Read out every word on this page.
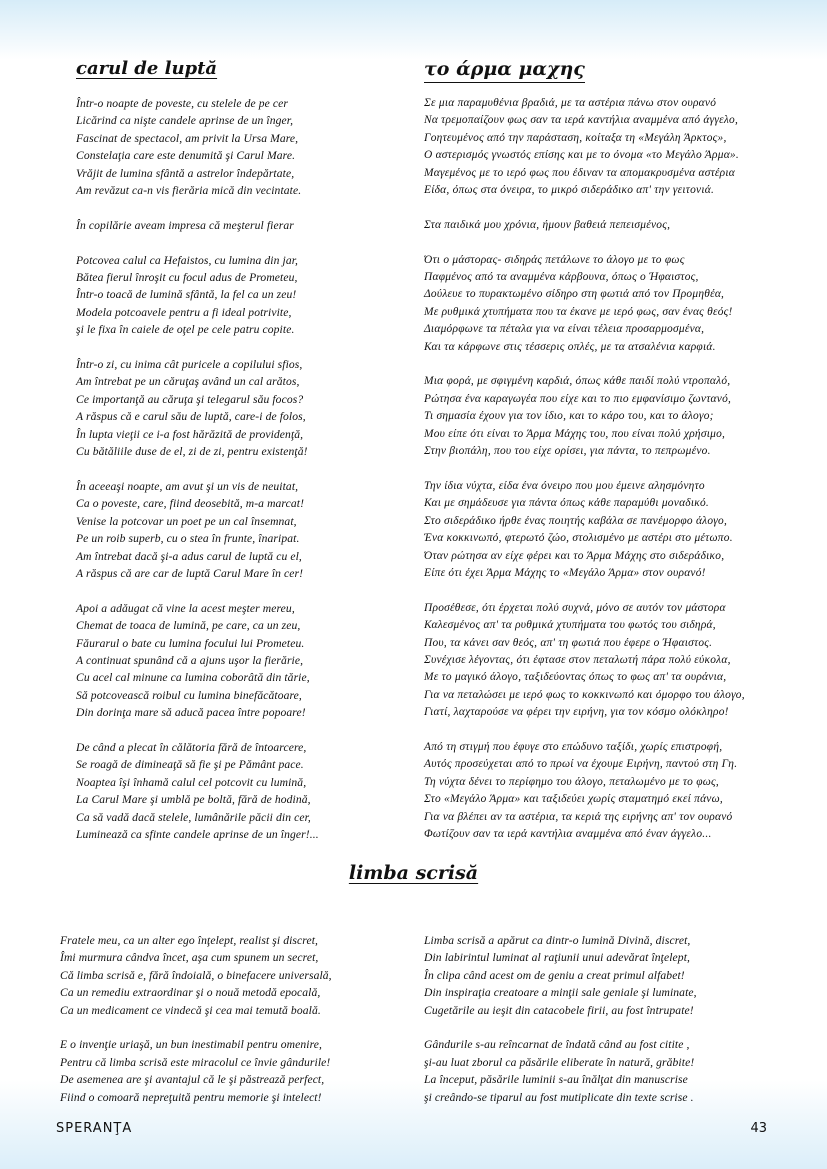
carul de luptă
Într-o noapte de poveste, cu stelele de pe cer
Licărind ca nişte candele aprinse de un înger,
Fascinat de spectacol, am privit la Ursa Mare,
Constelaţia care este denumită şi Carul Mare.
Vrăjit de lumina sfântă a astrelor îndepărtate,
Am revăzut ca-n vis fierăria mică din vecintate.
În copilărie aveam impresa că meşterul fierar
Potcovea calul ca Hefaistos, cu lumina din jar,
Bătea fierul înroşit cu focul adus de Prometeu,
Într-o toacă de lumină sfântă, la fel ca un zeu!
Modela potcoavele pentru a fi ideal potrivite,
şi le fixa în caiele de oţel pe cele patru copite.
Într-o zi, cu inima cât puricele a copilului sfios,
Am întrebat pe un căruţaş având un cal arătos,
Ce importanţă au căruţa şi telegarul său focos?
A răspus că e carul său de luptă, care-i de folos,
În lupta vieţii ce i-a fost hărăzită de providenţă,
Cu bătăliile duse de el, zi de zi, pentru existenţă!
În aceeaşi noapte, am avut şi un vis de neuitat,
Ca o poveste, care, fiind deosebită, m-a marcat!
Venise la potcovar un poet pe un cal însemnat,
Pe un roib superb, cu o stea în frunte, înaripat.
Am întrebat dacă şi-a adus carul de luptă cu el,
A răspus că are car de luptă Carul Mare în cer!
Apoi a adăugat că vine la acest meşter mereu,
Chemat de toaca de lumină, pe care, ca un zeu,
Făurarul o bate cu lumina focului lui Prometeu.
A continuat spunând că a ajuns uşor la fierărie,
Cu acel cal minune ca lumina coborâtă din tărie,
Să potcovească roibul cu lumina binefăcătoare,
Din dorinţa mare să aducă pacea între popoare!
De când a plecat în călătoria fără de întoarcere,
Se roagă de dimineaţă să fie şi pe Pământ pace.
Noaptea îşi înhamă calul cel potcovit cu lumină,
La Carul Mare şi umblă pe boltă, fără de hodină,
Ca să vadă dacă stelele, lumânările păcii din cer,
Luminează ca sfinte candele aprinse de un înger!...
το άρμα μαχης
Σε μια παραμυθένια βραδιά, με τα αστέρια πάνω στον ουρανό
Να τρεμοπαίζουν φως σαν τα ιερά καντήλια αναμμένα από άγγελο,
Γοητευμένος από την παράσταση, κοίταξα τη «Μεγάλη Άρκτος»,
Ο αστερισμός γνωστός επίσης και με το όνομα «το Μεγάλο Άρμα».
Μαγεμένος με το ιερό φως που έδιναν τα απομακρυσμένα αστέρια
Είδα, όπως στα όνειρα, το μικρό σιδεράδικο απ' την γειτονιά.
Στα παιδικά μου χρόνια, ήμουν βαθειά πεπεισμένος,
Ότι ο μάστορας- σιδηράς πετάλωνε το άλογο με το φως
Παφμένος από τα αναμμένα κάρβουνα, όπως ο Ήφαιστος,
Δούλευε το πυρακτωμένο σίδηρο στη φωτιά από τον Προμηθέα,
Με ρυθμικά χτυπήματα που τα έκανε με ιερό φως, σαν ένας θεός!
Διαμόρφωνε τα πέταλα για να είναι τέλεια προσαρμοσμένα,
Και τα κάρφωνε στις τέσσερις οπλές, με τα ατσαλένια καρφιά.
Μια φορά, με σφιγμένη καρδιά, όπως κάθε παιδί πολύ ντροπαλό,
Ρώτησα ένα καραγωγέα που είχε και το πιο εμφανίσιμο ζωντανό,
Τι σημασία έχουν για τον ίδιο, και το κάρο του, και το άλογο;
Μου είπε ότι είναι το Άρμα Μάχης του, που είναι πολύ χρήσιμο,
Στην βιοπάλη, που του είχε ορίσει, για πάντα, το πεπρωμένο.
Την ίδια νύχτα, είδα ένα όνειρο που μου έμεινε αλησμόνητο
Και με σημάδευσε για πάντα όπως κάθε παραμύθι μοναδικό.
Στο σιδεράδικο ήρθε ένας ποιητής καβάλα σε πανέμορφο άλογο,
Ένα κοκκινωπό, φτερωτό ζώο, στολισμένο με αστέρι στο μέτωπο.
Όταν ρώτησα αν είχε φέρει και το Άρμα Μάχης στο σιδεράδικο,
Είπε ότι έχει Άρμα Μάχης το «Μεγάλο Άρμα» στον ουρανό!
Προσέθεσε, ότι έρχεται πολύ συχνά, μόνο σε αυτόν τον μάστορα
Καλεσμένος απ' τα ρυθμικά χτυπήματα του φωτός του σιδηρά,
Που, τα κάνει σαν θεός, απ' τη φωτιά που έφερε ο Ήφαιστος.
Συνέχισε λέγοντας, ότι έφτασε στον πεταλωτή πάρα πολύ εύκολα,
Με το μαγικό άλογο, ταξιδεύοντας όπως το φως απ' τα ουράνια,
Για να πεταλώσει με ιερό φως το κοκκινωπό και όμορφο του άλογο,
Γιατί, λαχταρούσε να φέρει την ειρήνη, για τον κόσμο ολόκληρο!
Από τη στιγμή που έφυγε στο επώδυνο ταξίδι, χωρίς επιστροφή,
Αυτός προσεύχεται από το πρωί να έχουμε Ειρήνη, παντού στη Γη.
Τη νύχτα δένει το περίφημο του άλογο, πεταλωμένο με το φως,
Στο «Μεγάλο Άρμα» και ταξιδεύει χωρίς σταματημό εκεί πάνω,
Για να βλέπει αν τα αστέρια, τα κεριά της ειρήνης απ' τον ουρανό
Φωτίζουν σαν τα ιερά καντήλια αναμμένα από έναν άγγελο...
limba scrisă
Fratele meu, ca un alter ego înţelept, realist şi discret,
Îmi murmura cândva încet, aşa cum spunem un secret,
Că limba scrisă e, fără îndoială, o binefacere universală,
Ca un remediu extraordinar şi o nouă metodă epocală,
Ca un medicament ce vindecă şi cea mai temută boală.
E o invenţie uriaşă, un bun inestimabil pentru omenire,
Pentru că limba scrisă este miracolul ce învie gândurile!
De asemenea are şi avantajul că le şi păstrează perfect,
Fiind o comoară nepreţuită pentru memorie şi intelect!
Limba scrisă a apărut ca dintr-o lumină Divină, discret,
Din labirintul luminat al raţiunii unui adevărat înţelept,
În clipa când acest om de geniu a creat primul alfabet!
Din inspiraţia creatoare a minţii sale geniale şi luminate,
Cugetările au ieşit din catacobele firii, au fost întrupate!
Gândurile s-au reîncarnat de îndată când au fost citite ,
şi-au luat zborul ca păsările eliberate în natură, grăbite!
La început, păsările luminii s-au înălţat din manuscrise
şi creândo-se tiparul au fost mutiplicate din texte scrise .
SPERANŢA	43
